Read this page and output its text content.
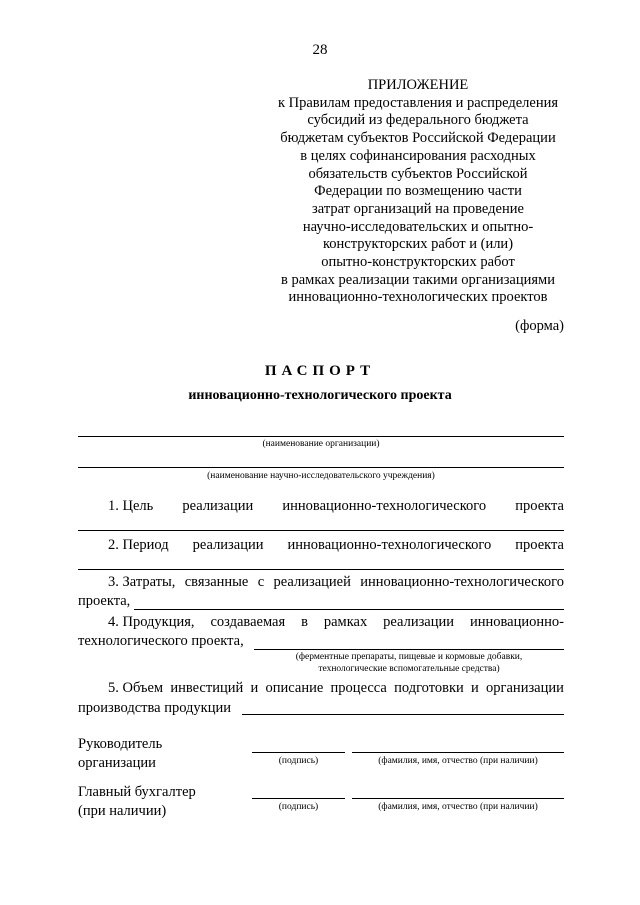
28
ПРИЛОЖЕНИЕ
к Правилам предоставления и распределения
субсидий из федерального бюджета
бюджетам субъектов Российской Федерации
в целях софинансирования расходных
обязательств субъектов Российской
Федерации по возмещению части
затрат организаций на проведение
научно-исследовательских и опытно-
конструкторских работ и (или)
опытно-конструкторских работ
в рамках реализации такими организациями
инновационно-технологических проектов
(форма)
ПАСПОРТ
инновационно-технологического проекта
(наименование организации)
(наименование научно-исследовательского учреждения)
1. Цель реализации инновационно-технологического проекта
2. Период реализации инновационно-технологического проекта
3. Затраты, связанные с реализацией инновационно-технологического
проекта,
4. Продукция, создаваемая в рамках реализации инновационно-
технологического проекта,
(ферментные препараты, пищевые и кормовые добавки,
технологические вспомогательные средства)
5. Объем инвестиций и описание процесса подготовки и организации
производства продукции
Руководитель
организации	(подпись)	(фамилия, имя, отчество (при наличии)
Главный бухгалтер
(при наличии)	(подпись)	(фамилия, имя, отчество (при наличии)
